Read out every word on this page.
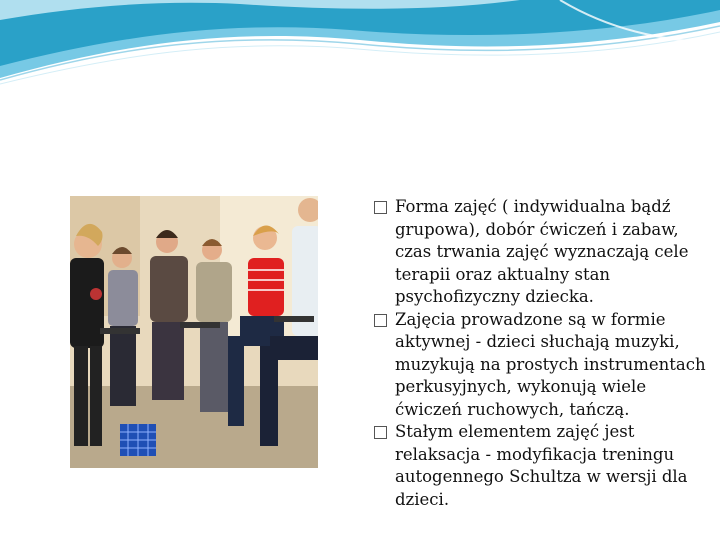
Forma zajęć ( indywidualna bądź grupowa), dobór ćwiczeń i zabaw, czas trwania zajęć wyznaczają cele terapii oraz aktualny stan psychofizyczny dziecka.
Zajęcia prowadzone są w formie aktywnej - dzieci słuchają muzyki, muzykują na prostych instrumentach perkusyjnych, wykonują wiele ćwiczeń ruchowych, tańczą.
Stałym elementem zajęć jest relaksacja - modyfikacja treningu autogennego Schultza w wersji dla dzieci.
